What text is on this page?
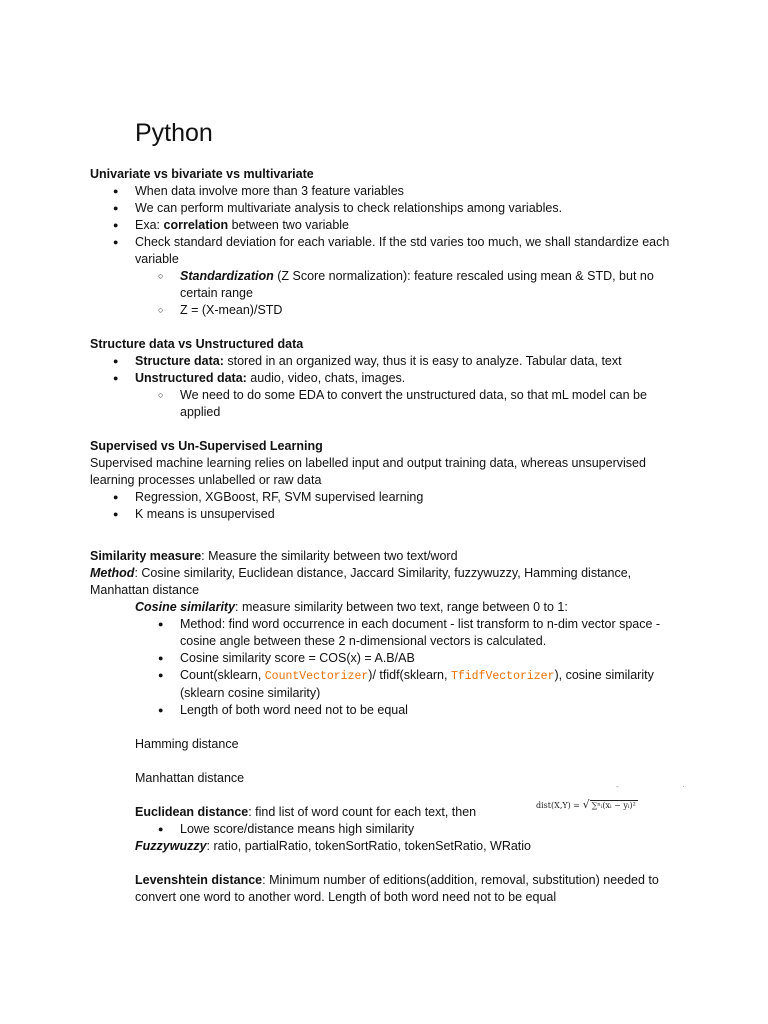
Python
Univariate vs bivariate vs multivariate
● When data involve more than 3 feature variables
● We can perform multivariate analysis to check relationships among variables.
● Exa: correlation between two variable
● Check standard deviation for each variable. If the std varies too much, we shall standardize each variable
○ Standardization (Z Score normalization): feature rescaled using mean & STD, but no certain range
○ Z = (X-mean)/STD
Structure data vs Unstructured data
● Structure data: stored in an organized way, thus it is easy to analyze. Tabular data, text
● Unstructured data: audio, video, chats, images.
○ We need to do some EDA to convert the unstructured data, so that mL model can be applied
Supervised vs Un-Supervised Learning
Supervised machine learning relies on labelled input and output training data, whereas unsupervised learning processes unlabelled or raw data
● Regression, XGBoost, RF, SVM supervised learning
● K means is unsupervised
Similarity measure: Measure the similarity between two text/word
Method: Cosine similarity, Euclidean distance, Jaccard Similarity, fuzzywuzzy, Hamming distance, Manhattan distance
Cosine similarity: measure similarity between two text, range between 0 to 1:
● Method: find word occurrence in each document - list transform to n-dim vector space - cosine angle between these 2 n-dimensional vectors is calculated.
● Cosine similarity score = COS(x) = A.B/AB
● Count(sklearn, CountVectorizer)/ tfidf(sklearn, TfidfVectorizer), cosine similarity (sklearn cosine similarity)
● Length of both word need not to be equal
Hamming distance
Manhattan distance
Euclidean distance: find list of word count for each text, then
● Lowe score/distance means high similarity
Fuzzywuzzy: ratio, partialRatio, tokenSortRatio, tokenSetRatio, WRatio
Levenshtein distance: Minimum number of editions(addition, removal, substitution) needed to convert one word to another word. Length of both word need not to be equal
dist(X,Y) = √ ∑ⁿᵢ(xᵢ − yᵢ)²
-	·
